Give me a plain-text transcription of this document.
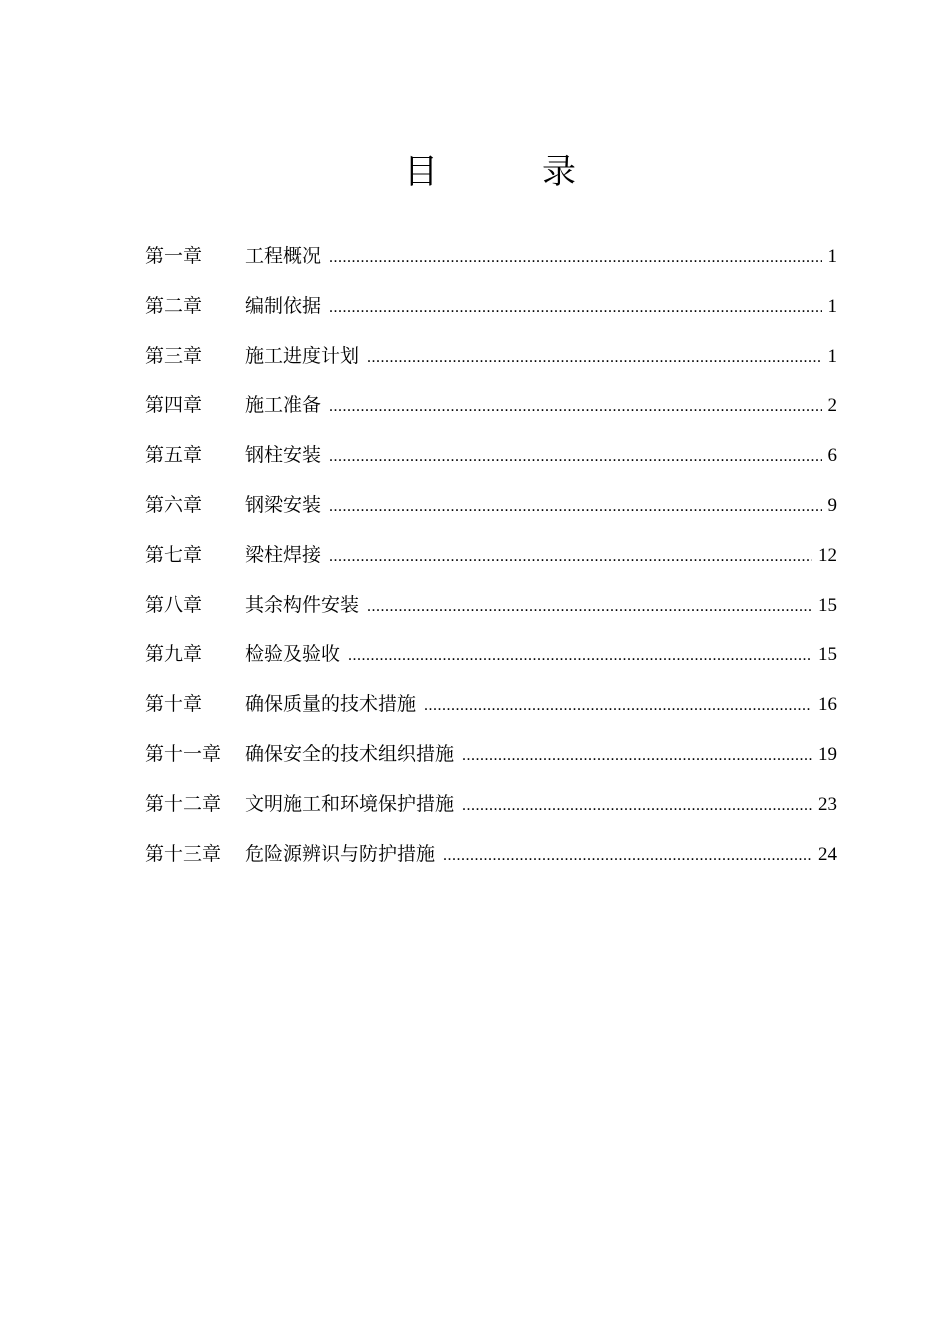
目	录
第一章	工程概况 .....	1
第二章	编制依据 .....	1
第三章	施工进度计划 .....	1
第四章	施工准备 .....	2
第五章	钢柱安装 .....	6
第六章	钢梁安装 .....	9
第七章	梁柱焊接 .....	12
第八章	其余构件安装 .....	15
第九章	检验及验收 .....	15
第十章	确保质量的技术措施 .....	16
第十一章	确保安全的技术组织措施 .....	19
第十二章	文明施工和环境保护措施 .....	23
第十三章	危险源辨识与防护措施 .....	24
